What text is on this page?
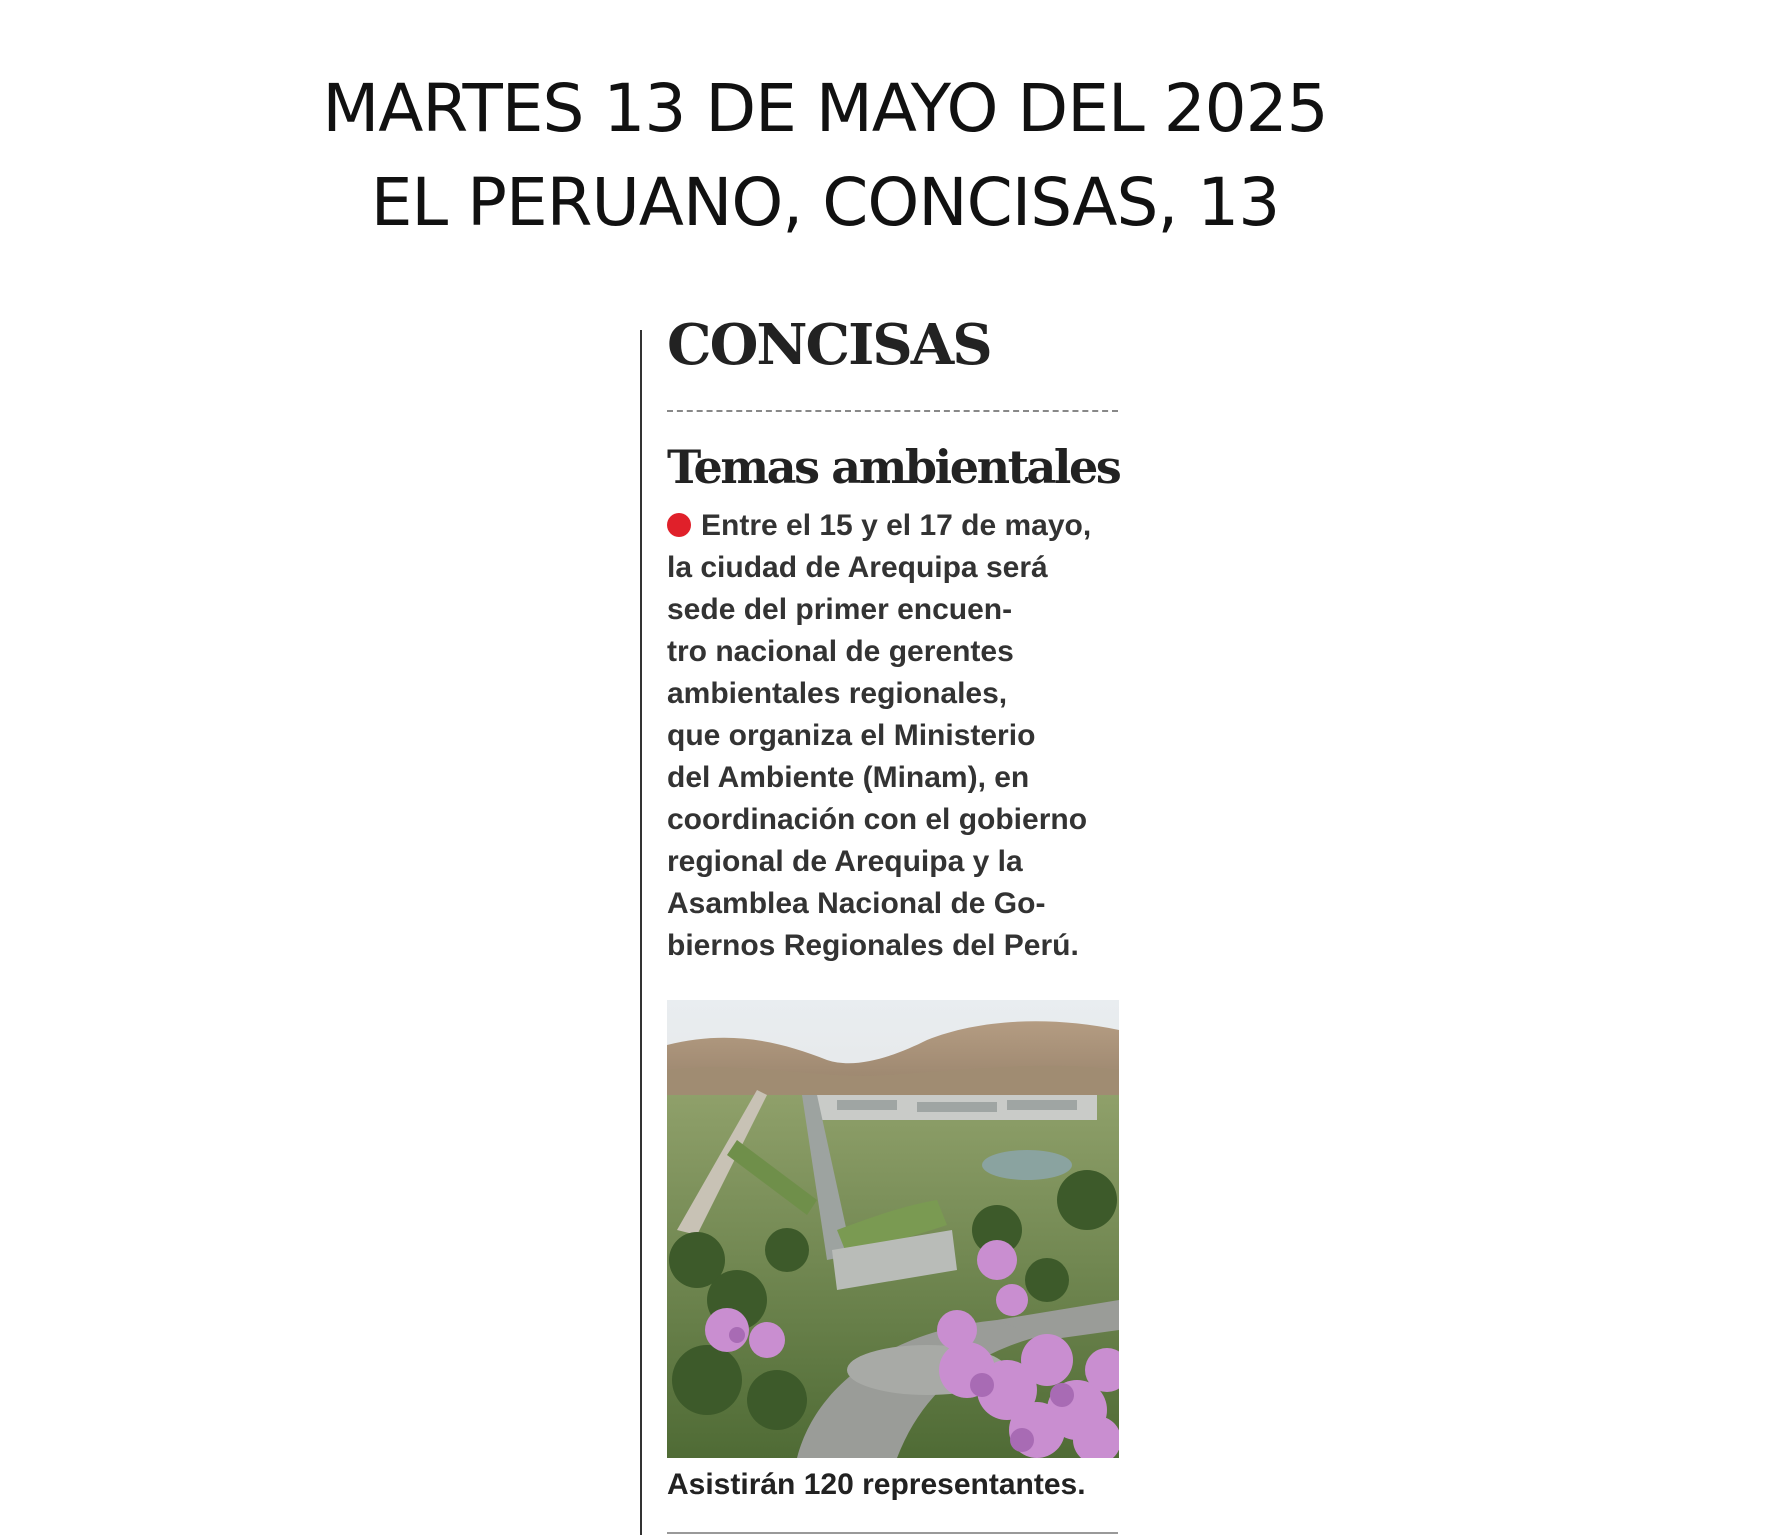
MARTES 13 DE MAYO DEL 2025
EL PERUANO, CONCISAS, 13
CONCISAS
Temas ambientales
Entre el 15 y el 17 de mayo,
la ciudad de Arequipa será
sede del primer encuen-
tro nacional de gerentes
ambientales regionales,
que organiza el Ministerio
del Ambiente (Minam), en
coordinación con el gobierno
regional de Arequipa y la
Asamblea Nacional de Go-
biernos Regionales del Perú.
Asistirán 120 representantes.
